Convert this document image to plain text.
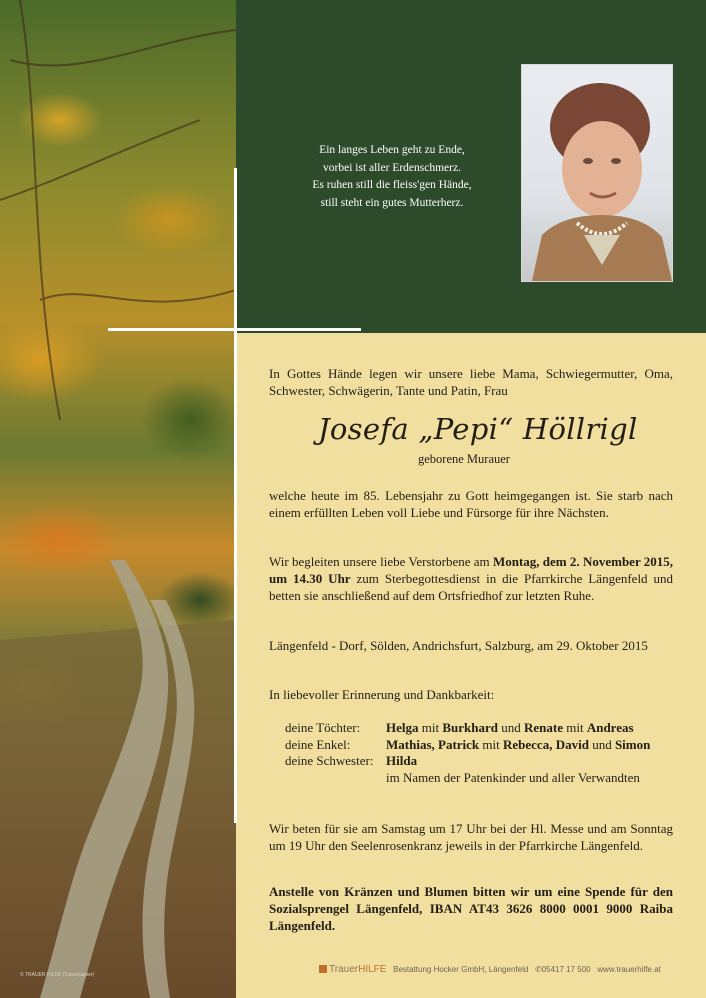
© TRAUER HILFE (Trauerpapier)
Ein langes Leben geht zu Ende,
vorbei ist aller Erdenschmerz.
Es ruhen still die fleiss'gen Hände,
still steht ein gutes Mutterherz.
In Gottes Hände legen wir unsere liebe Mama, Schwiegermutter, Oma,
Schwester, Schwägerin, Tante und Patin, Frau
Josefa „Pepi“ Höllrigl
geborene Murauer
welche heute im 85. Lebensjahr zu Gott heimgegangen ist. Sie starb nach einem erfüllten Leben voll Liebe und Fürsorge für ihre Nächsten.
Wir begleiten unsere liebe Verstorbene am Montag, dem 2. November 2015, um 14.30 Uhr zum Sterbegottesdienst in die Pfarrkirche Längenfeld und betten sie anschließend auf dem Ortsfriedhof zur letzten Ruhe.
Längenfeld - Dorf, Sölden, Andrichsfurt, Salzburg, am 29. Oktober 2015
In liebevoller Erinnerung und Dankbarkeit:
deine Töchter: Helga mit Burkhard und Renate mit Andreas
deine Enkel:	Mathias, Patrick mit Rebecca, David und Simon
deine Schwester: Hilda
im Namen der Patenkinder und aller Verwandten
Wir beten für sie am Samstag um 17 Uhr bei der Hl. Messe und am Sonntag um 19 Uhr den Seelenrosenkranz jeweils in der Pfarrkirche Längenfeld.
Anstelle von Kränzen und Blumen bitten wir um eine Spende für den Sozialsprengel Längenfeld, IBAN AT43 3626 8000 0001 9000 Raiba Längenfeld.
TrauerHILFE Bestattung Hocker GmbH, Längenfeld ✆05417 17 500 www.trauerhilfe.at
